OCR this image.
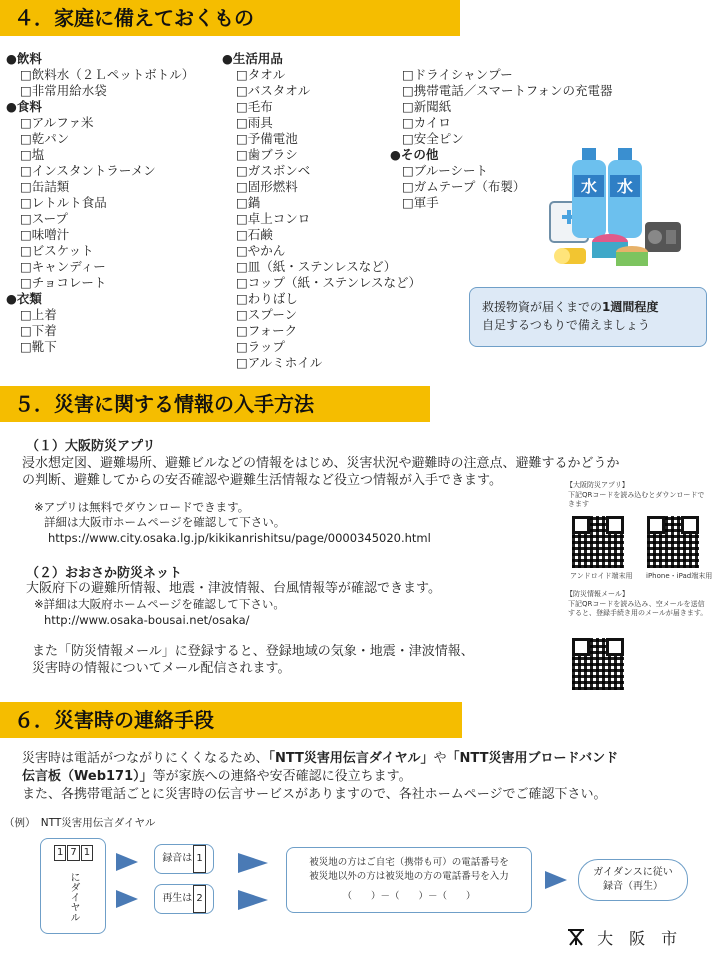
４．家庭に備えておくもの
●飲料
□飲料水（２Ｌペットボトル）
□非常用給水袋
●食料
□アルファ米
□乾パン
□塩
□インスタントラーメン
□缶詰類
□レトルト食品
□スープ
□味噌汁
□ビスケット
□キャンディー
□チョコレート
●衣類
□上着
□下着
□靴下
●生活用品
□タオル
□バスタオル
□毛布
□雨具
□予備電池
□歯ブラシ
□ガスボンベ
□固形燃料
□鍋
□卓上コンロ
□石鹸
□やかん
□皿（紙・ステンレスなど）
□コップ（紙・ステンレスなど）
□わりばし
□スプーン
□フォーク
□ラップ
□アルミホイル
□ドライシャンプー
□携帯電話／スマートフォンの充電器
□新聞紙
□カイロ
□安全ピン
●その他
□ブルーシート
□ガムテープ（布製）
□軍手
水 水
救援物資が届くまでの1週間程度
自足するつもりで備えましょう
５．災害に関する情報の入手方法
（１）大阪防災アプリ
浸水想定図、避難場所、避難ビルなどの情報をはじめ、災害状況や避難時の注意点、避難するかどうか
の判断、避難してからの安否確認や避難生活情報など役立つ情報が入手できます。
※アプリは無料でダウンロードできます。
詳細は大阪市ホームページを確認して下さい。
https://www.city.osaka.lg.jp/kikikanrishitsu/page/0000345020.html
（２）おおさか防災ネット
大阪府下の避難所情報、地震・津波情報、台風情報等が確認できます。
※詳細は大阪府ホームページを確認して下さい。
http://www.osaka-bousai.net/osaka/
また「防災情報メール」に登録すると、登録地域の気象・地震・津波情報、
災害時の情報についてメール配信されます。
【大阪防災アプリ】
下記QRコードを読み込むとダウンロードできます
アンドロイド端末用 iPhone・iPad端末用
【防災情報メール】
下記QRコードを読み込み、空メールを送信すると、登録手続き用のメールが届きます。
６．災害時の連絡手段
災害時は電話がつながりにくくなるため、「NTT災害用伝言ダイヤル」や「NTT災害用ブロードバンド
伝言板（Web171）」等が家族への連絡や安否確認に役立ちます。
また、各携帯電話ごとに災害時の伝言サービスがありますので、各社ホームページでご確認下さい。
（例）　NTT災害用伝言ダイヤル
1 7 1
にダイヤル
録音は 1
再生は 2
被災地の方はご自宅（携帯も可）の電話番号を
被災地以外の方は被災地の方の電話番号を入力
（　　）－（　　）－（　　）
ガイダンスに従い
録音（再生）
大　阪　市
